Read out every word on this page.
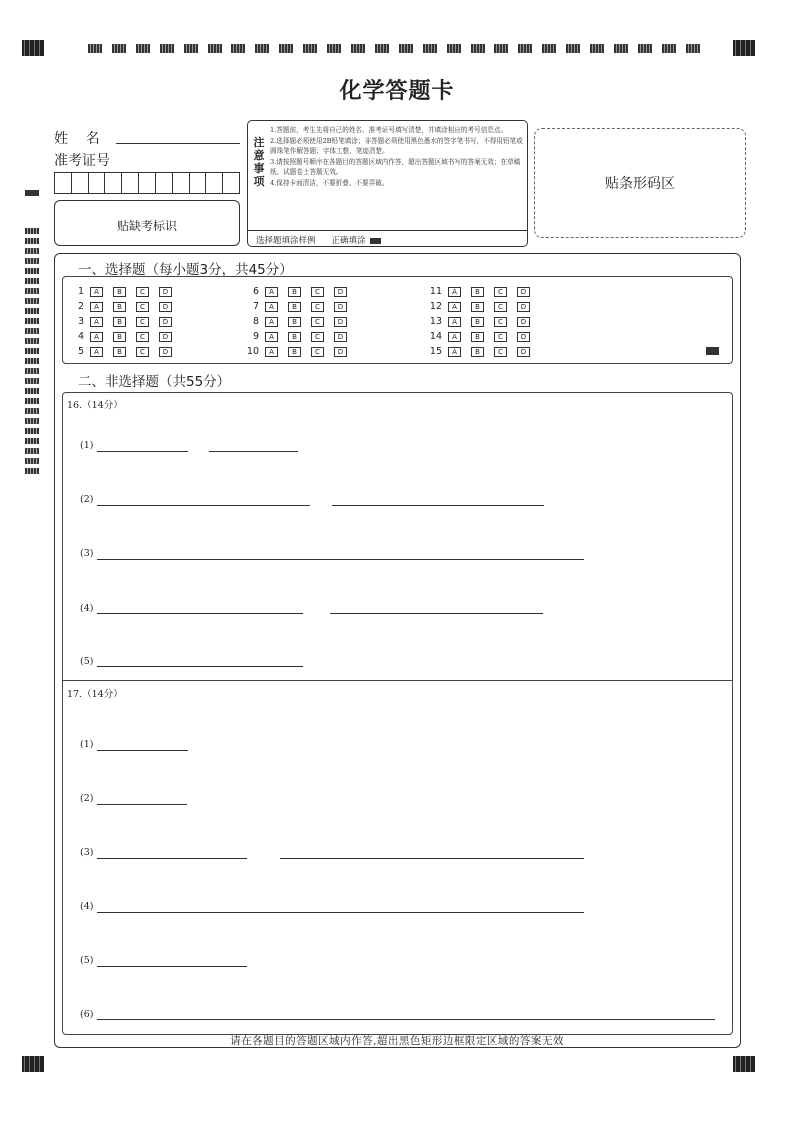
化学答题卡
姓    名
准考证号
贴缺考标识
注意事项
1.答题前，考生先将自己的姓名、准考证号填写清楚，并填涂相应的考号信息点。
2.选择题必须使用2B铅笔填涂；非答题必须使用黑色墨水的签字笔书写，不得用铅笔或圆珠笔作解答题；字体工整、笔迹清楚。
3.请按照题号顺序在各题目的答题区域内作答，超出答题区域书写的答案无效；在草稿纸、试题卷上答题无效。
4.保持卡面清洁，不要折叠、不要弄破。
选择题填涂样例 正确填涂
贴条形码区
一、选择题（每小题3分，共45分）
1	A	B	C	D
2	A	B	C	D
3	A	B	C	D
4	A	B	C	D
5	A	B	C	D
6	A	B	C	D
7	A	B	C	D
8	A	B	C	D
9	A	B	C	D
10	A	B	C	D
11	A	B	C	D
12	A	B	C	D
13	A	B	C	D
14	A	B	C	D
15	A	B	C	D
二、非选择题（共55分）
16.（14分）
(1)
(2)
(3)
(4)
(5)
17.（14分）
(1)
(2)
(3)
(4)
(5)
(6)
请在各题目的答题区域内作答,超出黑色矩形边框限定区域的答案无效
